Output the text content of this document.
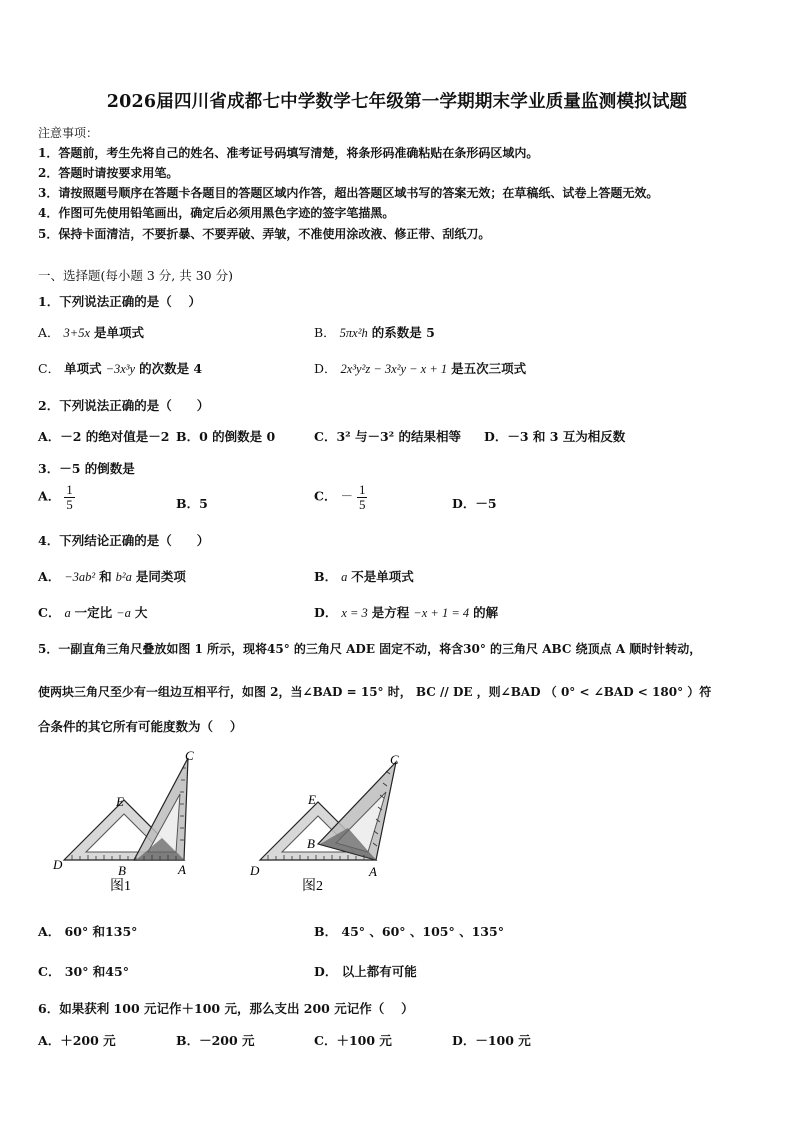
2026届四川省成都七中学数学七年级第一学期期末学业质量监测模拟试题
注意事项：
1．答题前，考生先将自己的姓名、准考证号码填写清楚，将条形码准确粘贴在条形码区域内。
2．答题时请按要求用笔。
3．请按照题号顺序在答题卡各题目的答题区域内作答，超出答题区域书写的答案无效；在草稿纸、试卷上答题无效。
4．作图可先使用铅笔画出，确定后必须用黑色字迹的签字笔描黑。
5．保持卡面清洁，不要折暴、不要弄破、弄皱，不准使用涂改液、修正带、刮纸刀。
一、选择题(每小题 3 分, 共 30 分)
1．下列说法正确的是（　 ）
A． 3+5x 是单项式	B． 5πx²h 的系数是 5
C． 单项式 −3x³y 的次数是 4	D． 2x³y²z − 3x²y − x + 1 是五次三项式
2．下列说法正确的是（　　）
A．－2 的绝对值是－2 B．0 的倒数是 0	C．3² 与－3² 的结果相等 D．－3 和 3 互为相反数
3．－5 的倒数是
A． $\frac{1}{5}$	B．5	C． － $\frac{1}{5}$	D．－5
4．下列结论正确的是（　　）
A． −3ab² 和 b²a 是同类项	B． a 不是单项式
C． a 一定比 −a 大	D． x = 3 是方程 −x + 1 = 4 的解
5．一副直角三角尺叠放如图 1 所示，现将45° 的三角尺 ADE 固定不动，将含30° 的三角尺 ABC 绕顶点 A 顺时针转动，
使两块三角尺至少有一组边互相平行，如图 2，当∠BAD = 15° 时， BC // DE ，则∠BAD （ 0° < ∠BAD < 180° ）符
合条件的其它所有可能度数为（　 ）
D
E
B	A
C
图1
D
E
B
A
C
图2
A． 60° 和135°	B． 45° 、60° 、105° 、135°
C． 30° 和45°	D． 以上都有可能
6．如果获利 100 元记作＋100 元，那么支出 200 元记作（　 ）
A．＋200 元	B．－200 元	C．＋100 元	D．－100 元
